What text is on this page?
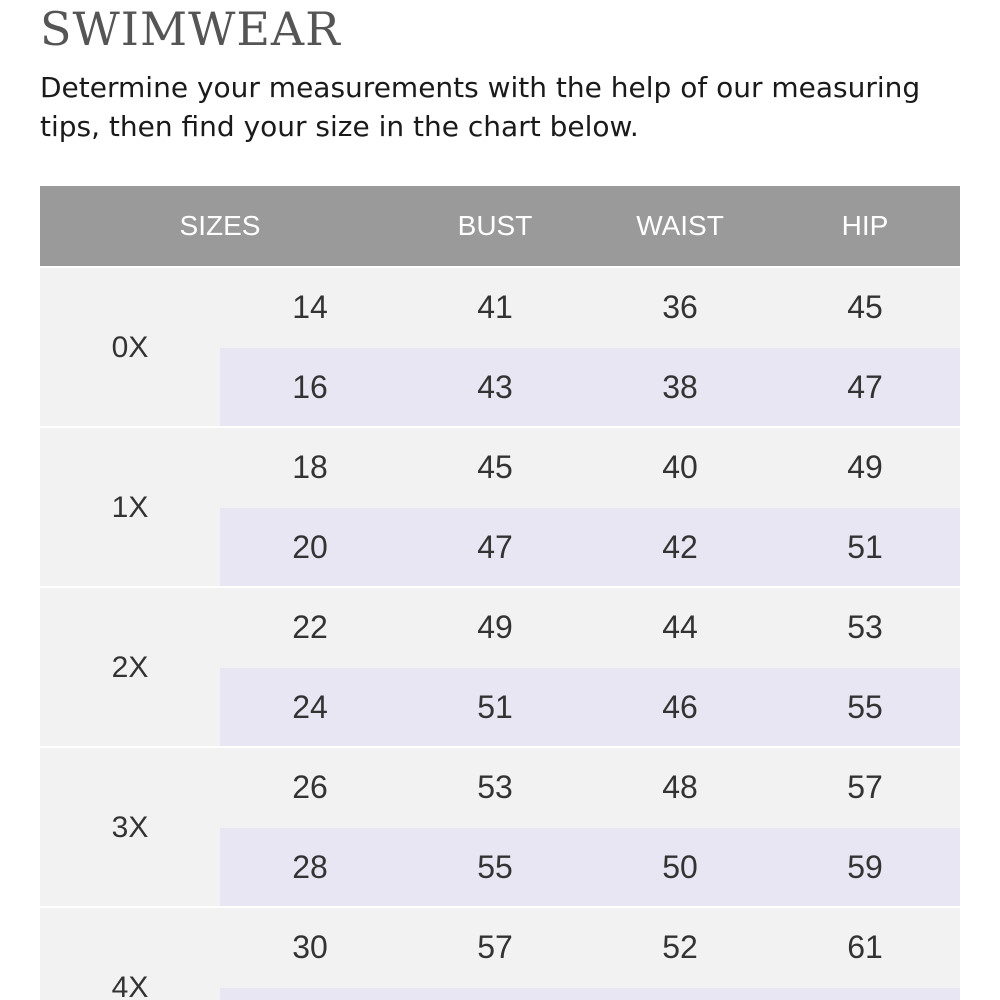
SWIMWEAR

Determine your measurements with the help of our measuring tips, then find your size in the chart below.

SIZES	BUST	WAIST	HIP
0X
14	41	36	45
16	43	38	47
1X
18	45	40	49
20	47	42	51
2X
22	49	44	53
24	51	46	55
3X
26	53	48	57
28	55	50	59
4X
30	57	52	61
